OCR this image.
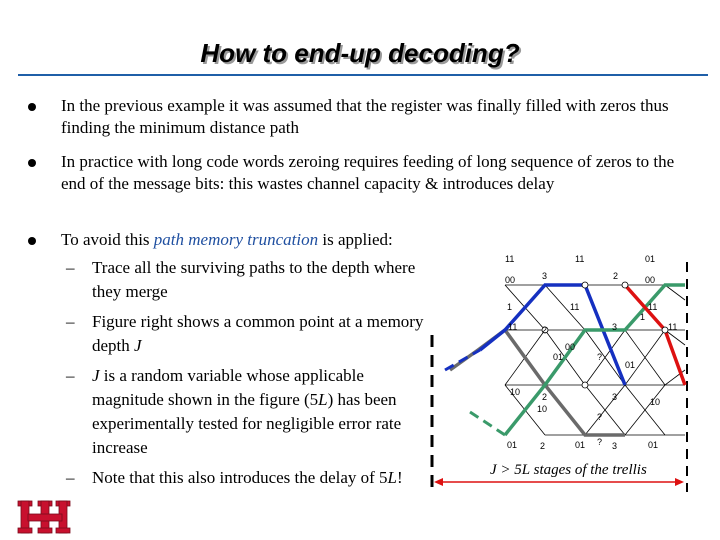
How to end-up decoding?
In the previous example it was assumed that the register was finally filled with zeros thus finding the minimum distance path
In practice with long code words zeroing requires feeding of long sequence of zeros to the end of the message bits: this wastes channel capacity & introduces delay
To avoid this path memory truncation is applied:
– Trace all the surviving paths to the depth where they merge
– Figure right shows a common point at a memory depth J
– J is a random variable whose applicable magnitude shown in the figure (5L) has been experimentally tested for negligible error rate increase
– Note that this also introduces the delay of 5L!
11	11	01
00	3	2	00
1	11	11
11	2
00
3
1
11
01	?
01
10 2	3	10
10
?
01	2	01 ? 3	01
J > 5L stages of the trellis
